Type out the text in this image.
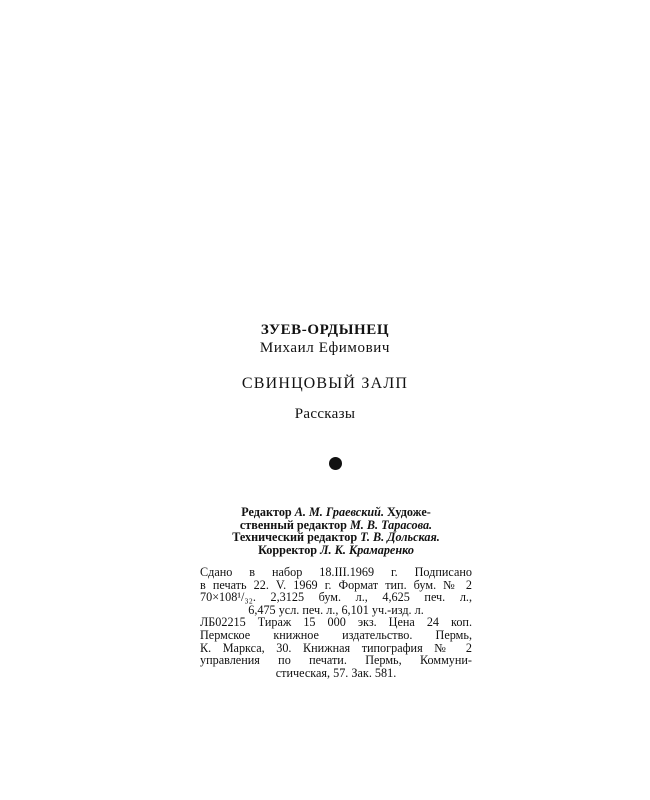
ЗУЕВ-ОРДЫНЕЦ
Михаил Ефимович
СВИНЦОВЫЙ ЗАЛП
Рассказы
Редактор А. М. Граевский. Художе-
ственный редактор М. В. Тарасова.
Технический редактор Т. В. Дольская.
Корректор Л. К. Крамаренко
Сдано в набор 18.III.1969 г. Подписано
в печать 22. V. 1969 г. Формат тип. бум. № 2
70×108¹/₃₂. 2,3125 бум. л., 4,625 печ. л.,
6,475 усл. печ. л., 6,101 уч.-изд. л.
ЛБ02215 Тираж 15 000 экз. Цена 24 коп.
Пермское книжное издательство. Пермь,
К. Маркса, 30. Книжная типография № 2
управления по печати. Пермь, Коммуни-
стическая, 57. Зак. 581.
